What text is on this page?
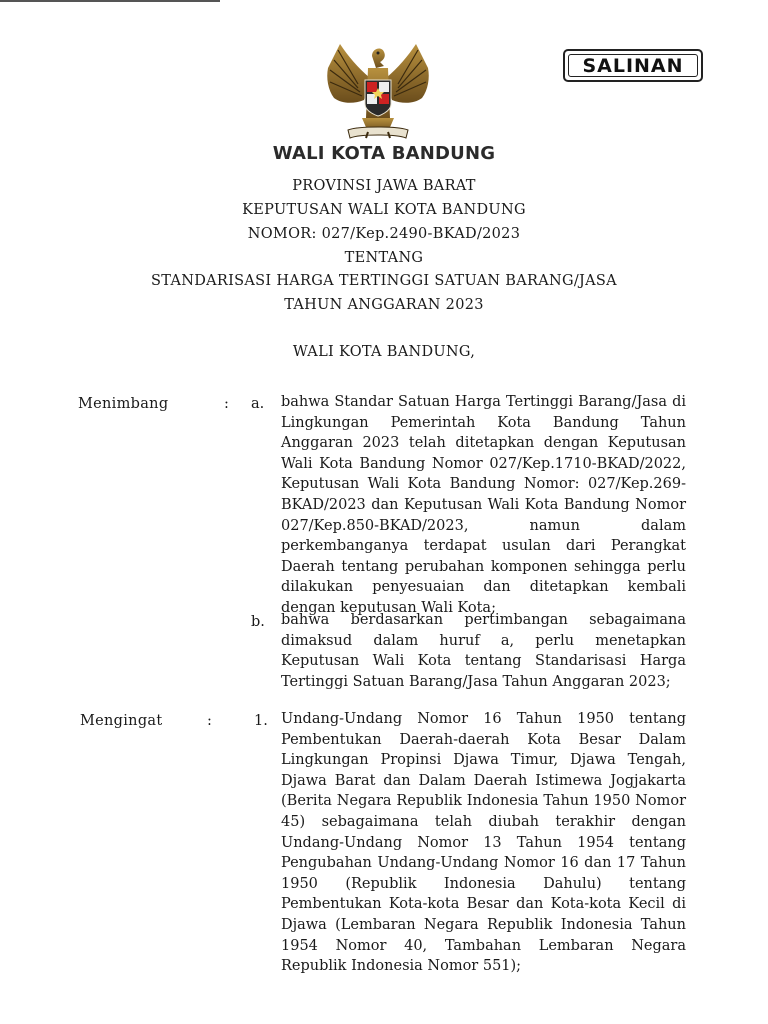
SALINAN
WALI KOTA BANDUNG
PROVINSI JAWA BARAT
KEPUTUSAN WALI KOTA BANDUNG
NOMOR: 027/Kep.2490-BKAD/2023
TENTANG
STANDARISASI HARGA TERTINGGI SATUAN BARANG/JASA
TAHUN ANGGARAN 2023
WALI KOTA BANDUNG,
Menimbang	: a. bahwa Standar Satuan Harga Tertinggi Barang/Jasa di Lingkungan Pemerintah Kota Bandung Tahun Anggaran 2023 telah ditetapkan dengan Keputusan Wali Kota Bandung Nomor 027/Kep.1710-BKAD/2022, Keputusan Wali Kota Bandung Nomor: 027/Kep.269-BKAD/2023 dan Keputusan Wali Kota Bandung Nomor 027/Kep.850-BKAD/2023, namun dalam perkembanganya terdapat usulan dari Perangkat Daerah tentang perubahan komponen sehingga perlu dilakukan penyesuaian dan ditetapkan kembali dengan keputusan Wali Kota;
b. bahwa berdasarkan pertimbangan sebagaimana dimaksud dalam huruf a, perlu menetapkan Keputusan Wali Kota tentang Standarisasi Harga Tertinggi Satuan Barang/Jasa Tahun Anggaran 2023;
Mengingat	:	1. Undang-Undang Nomor 16 Tahun 1950 tentang Pembentukan Daerah-daerah Kota Besar Dalam Lingkungan Propinsi Djawa Timur, Djawa Tengah, Djawa Barat dan Dalam Daerah Istimewa Jogjakarta (Berita Negara Republik Indonesia Tahun 1950 Nomor 45) sebagaimana telah diubah terakhir dengan Undang-Undang Nomor 13 Tahun 1954 tentang Pengubahan Undang-Undang Nomor 16 dan 17 Tahun 1950 (Republik Indonesia Dahulu) tentang Pembentukan Kota-kota Besar dan Kota-kota Kecil di Djawa (Lembaran Negara Republik Indonesia Tahun 1954 Nomor 40, Tambahan Lembaran Negara Republik Indonesia Nomor 551);
